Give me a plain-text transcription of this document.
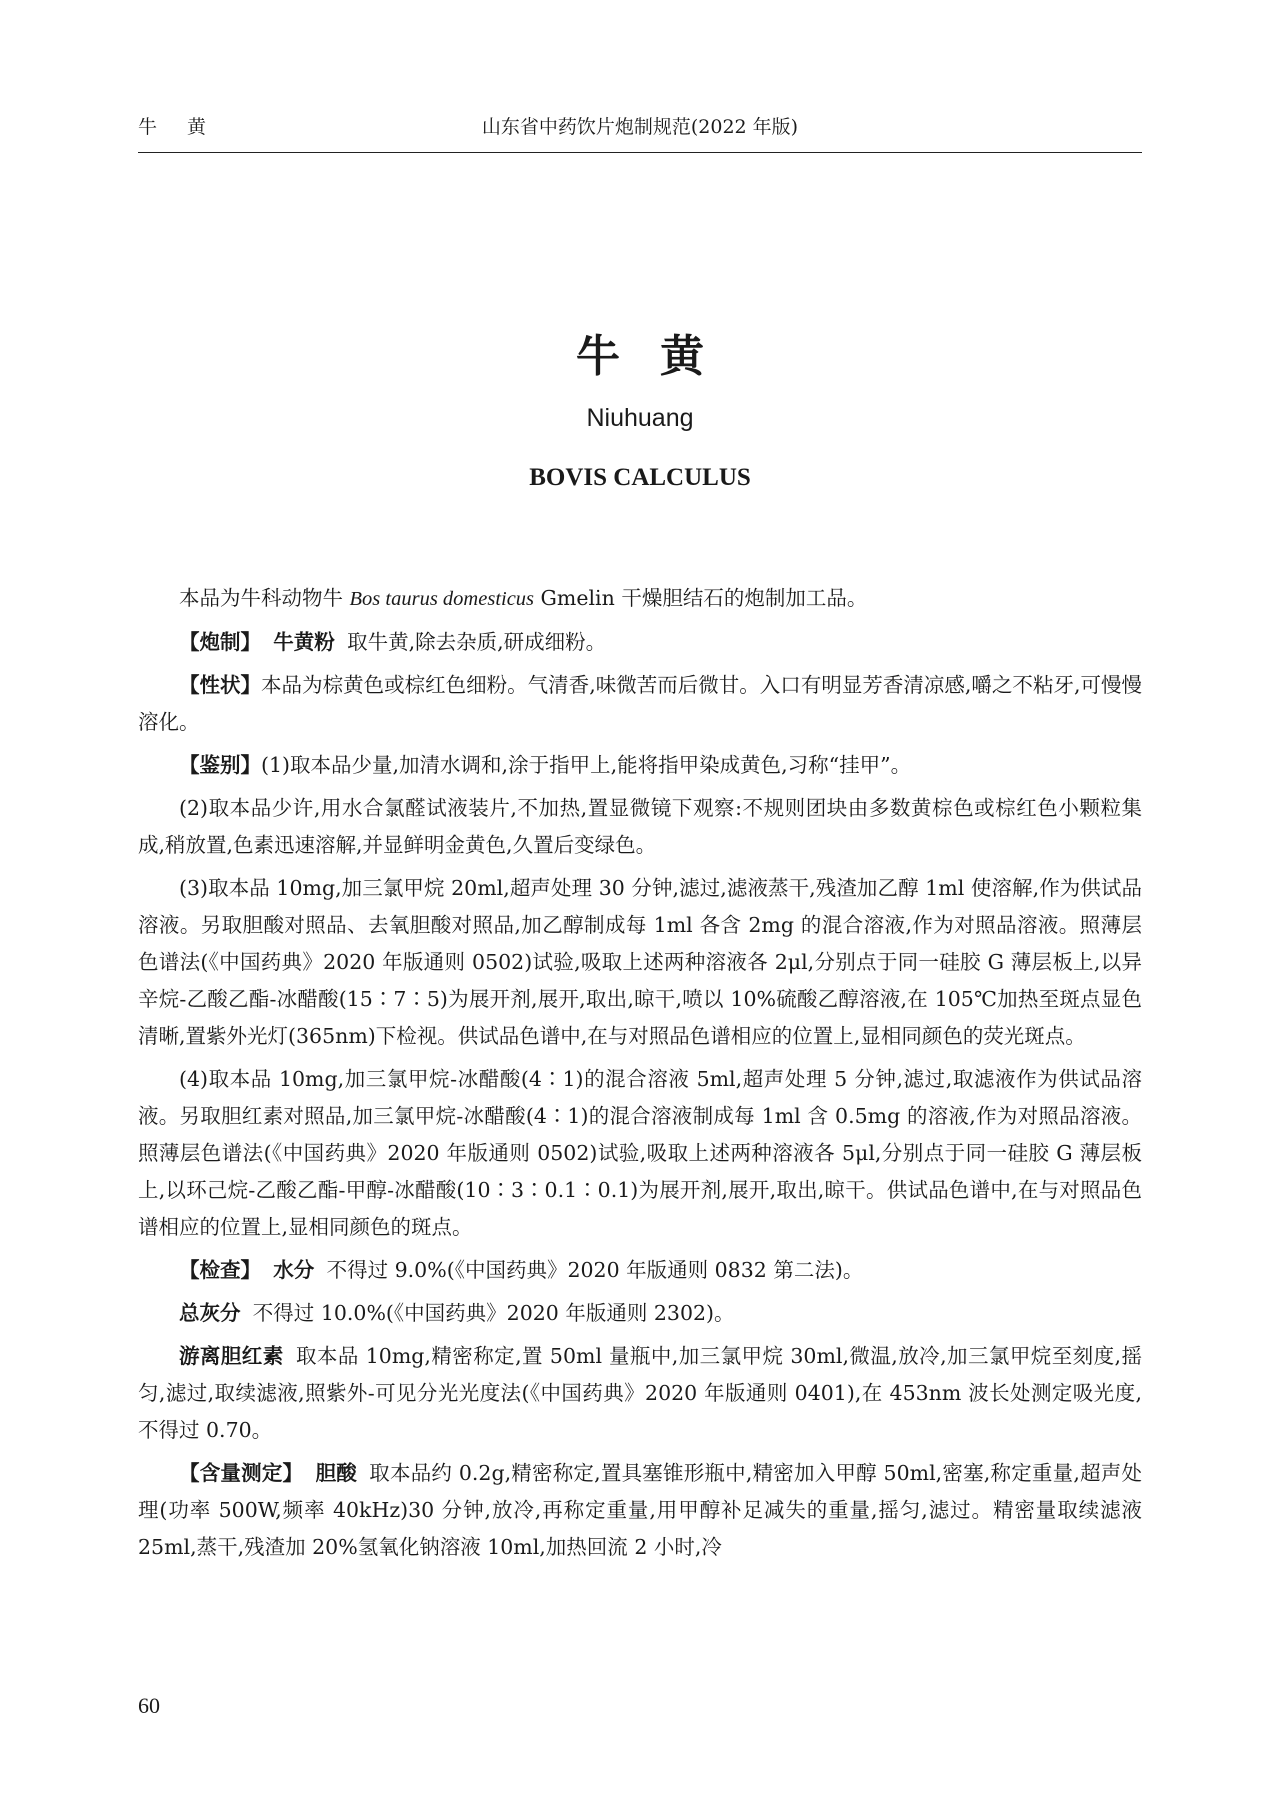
牛 黄	山东省中药饮片炮制规范(2022 年版)
牛黄
Niuhuang
BOVIS CALCULUS

本品为牛科动物牛 Bos taurus domesticus Gmelin 干燥胆结石的炮制加工品。

【炮制】 牛黄粉 取牛黄,除去杂质,研成细粉。

【性状】本品为棕黄色或棕红色细粉。气清香,味微苦而后微甘。入口有明显芳香清凉感,嚼之不粘牙,可慢慢溶化。

【鉴别】(1)取本品少量,加清水调和,涂于指甲上,能将指甲染成黄色,习称“挂甲”。

(2)取本品少许,用水合氯醛试液装片,不加热,置显微镜下观察:不规则团块由多数黄棕色或棕红色小颗粒集成,稍放置,色素迅速溶解,并显鲜明金黄色,久置后变绿色。

(3)取本品 10mg,加三氯甲烷 20ml,超声处理 30 分钟,滤过,滤液蒸干,残渣加乙醇 1ml 使溶解,作为供试品溶液。另取胆酸对照品、去氧胆酸对照品,加乙醇制成每 1ml 各含 2mg 的混合溶液,作为对照品溶液。照薄层色谱法(《中国药典》2020 年版通则 0502)试验,吸取上述两种溶液各 2μl,分别点于同一硅胶 G 薄层板上,以异辛烷-乙酸乙酯-冰醋酸(15∶7∶5)为展开剂,展开,取出,晾干,喷以 10%硫酸乙醇溶液,在 105℃加热至斑点显色清晰,置紫外光灯(365nm)下检视。供试品色谱中,在与对照品色谱相应的位置上,显相同颜色的荧光斑点。

(4)取本品 10mg,加三氯甲烷-冰醋酸(4∶1)的混合溶液 5ml,超声处理 5 分钟,滤过,取滤液作为供试品溶液。另取胆红素对照品,加三氯甲烷-冰醋酸(4∶1)的混合溶液制成每 1ml 含 0.5mg 的溶液,作为对照品溶液。照薄层色谱法(《中国药典》2020 年版通则 0502)试验,吸取上述两种溶液各 5μl,分别点于同一硅胶 G 薄层板上,以环己烷-乙酸乙酯-甲醇-冰醋酸(10∶3∶0.1∶0.1)为展开剂,展开,取出,晾干。供试品色谱中,在与对照品色谱相应的位置上,显相同颜色的斑点。

【检查】 水分 不得过 9.0%(《中国药典》2020 年版通则 0832 第二法)。

总灰分 不得过 10.0%(《中国药典》2020 年版通则 2302)。

游离胆红素 取本品 10mg,精密称定,置 50ml 量瓶中,加三氯甲烷 30ml,微温,放冷,加三氯甲烷至刻度,摇匀,滤过,取续滤液,照紫外-可见分光光度法(《中国药典》2020 年版通则 0401),在 453nm 波长处测定吸光度,不得过 0.70。

【含量测定】 胆酸 取本品约 0.2g,精密称定,置具塞锥形瓶中,精密加入甲醇 50ml,密塞,称定重量,超声处理(功率 500W,频率 40kHz)30 分钟,放冷,再称定重量,用甲醇补足减失的重量,摇匀,滤过。精密量取续滤液 25ml,蒸干,残渣加 20%氢氧化钠溶液 10ml,加热回流 2 小时,冷

60
